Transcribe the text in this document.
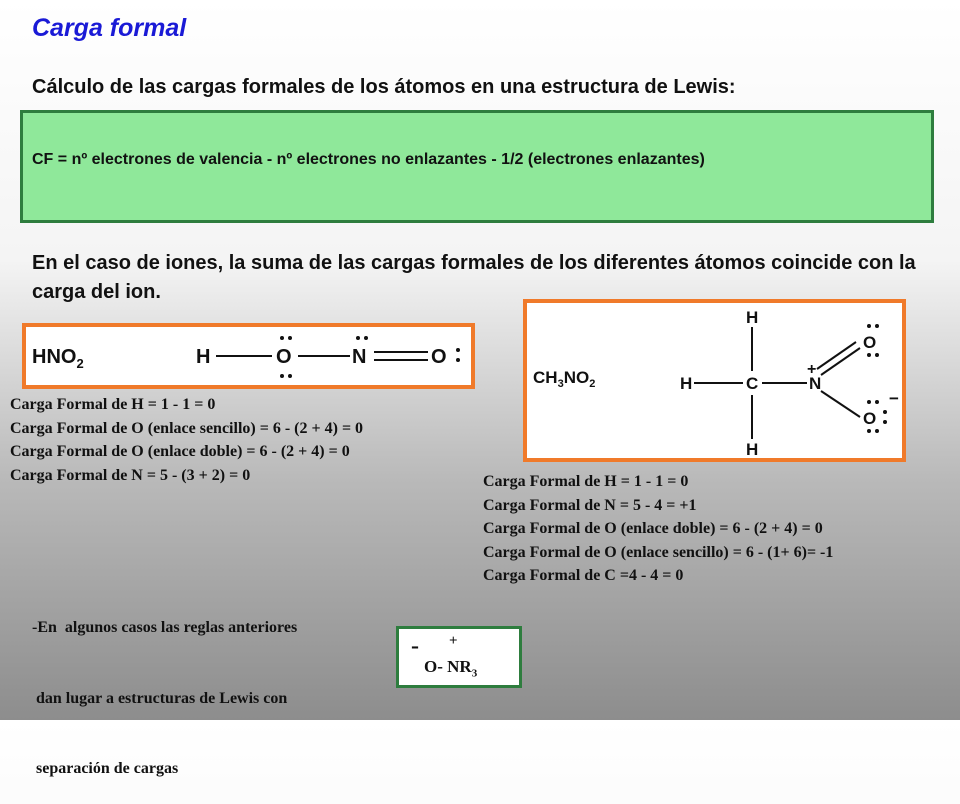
Carga formal
Cálculo de las cargas formales de los átomos en una estructura de Lewis:
CF = nº electrones de valencia - nº electrones no enlazantes - 1/2 (electrones enlazantes)
En el caso de iones, la suma de las cargas formales de los diferentes átomos coincide con la carga del ion.
$HNO_2$	H	O	N	O
$CH_3NO_2$
H
H	C
H
N
+
O
O
−
Carga Formal de H = 1 - 1 = 0
Carga Formal de O (enlace sencillo) = 6 - (2 + 4) = 0
Carga Formal de O (enlace doble) = 6 - (2 + 4) = 0
Carga Formal de N = 5 - (3 + 2) = 0	Carga Formal de H = 1 - 1 = 0
Carga Formal de N = 5 - 4 = +1
Carga Formal de O (enlace doble) = 6 - (2 + 4) = 0
Carga Formal de O (enlace sencillo) = 6 - (1+ 6)= -1
Carga Formal de C =4 - 4 = 0

-En  algunos casos las reglas anteriores

dan lugar a estructuras de Lewis con

separación de cargas

- +
O- $NR_3$
